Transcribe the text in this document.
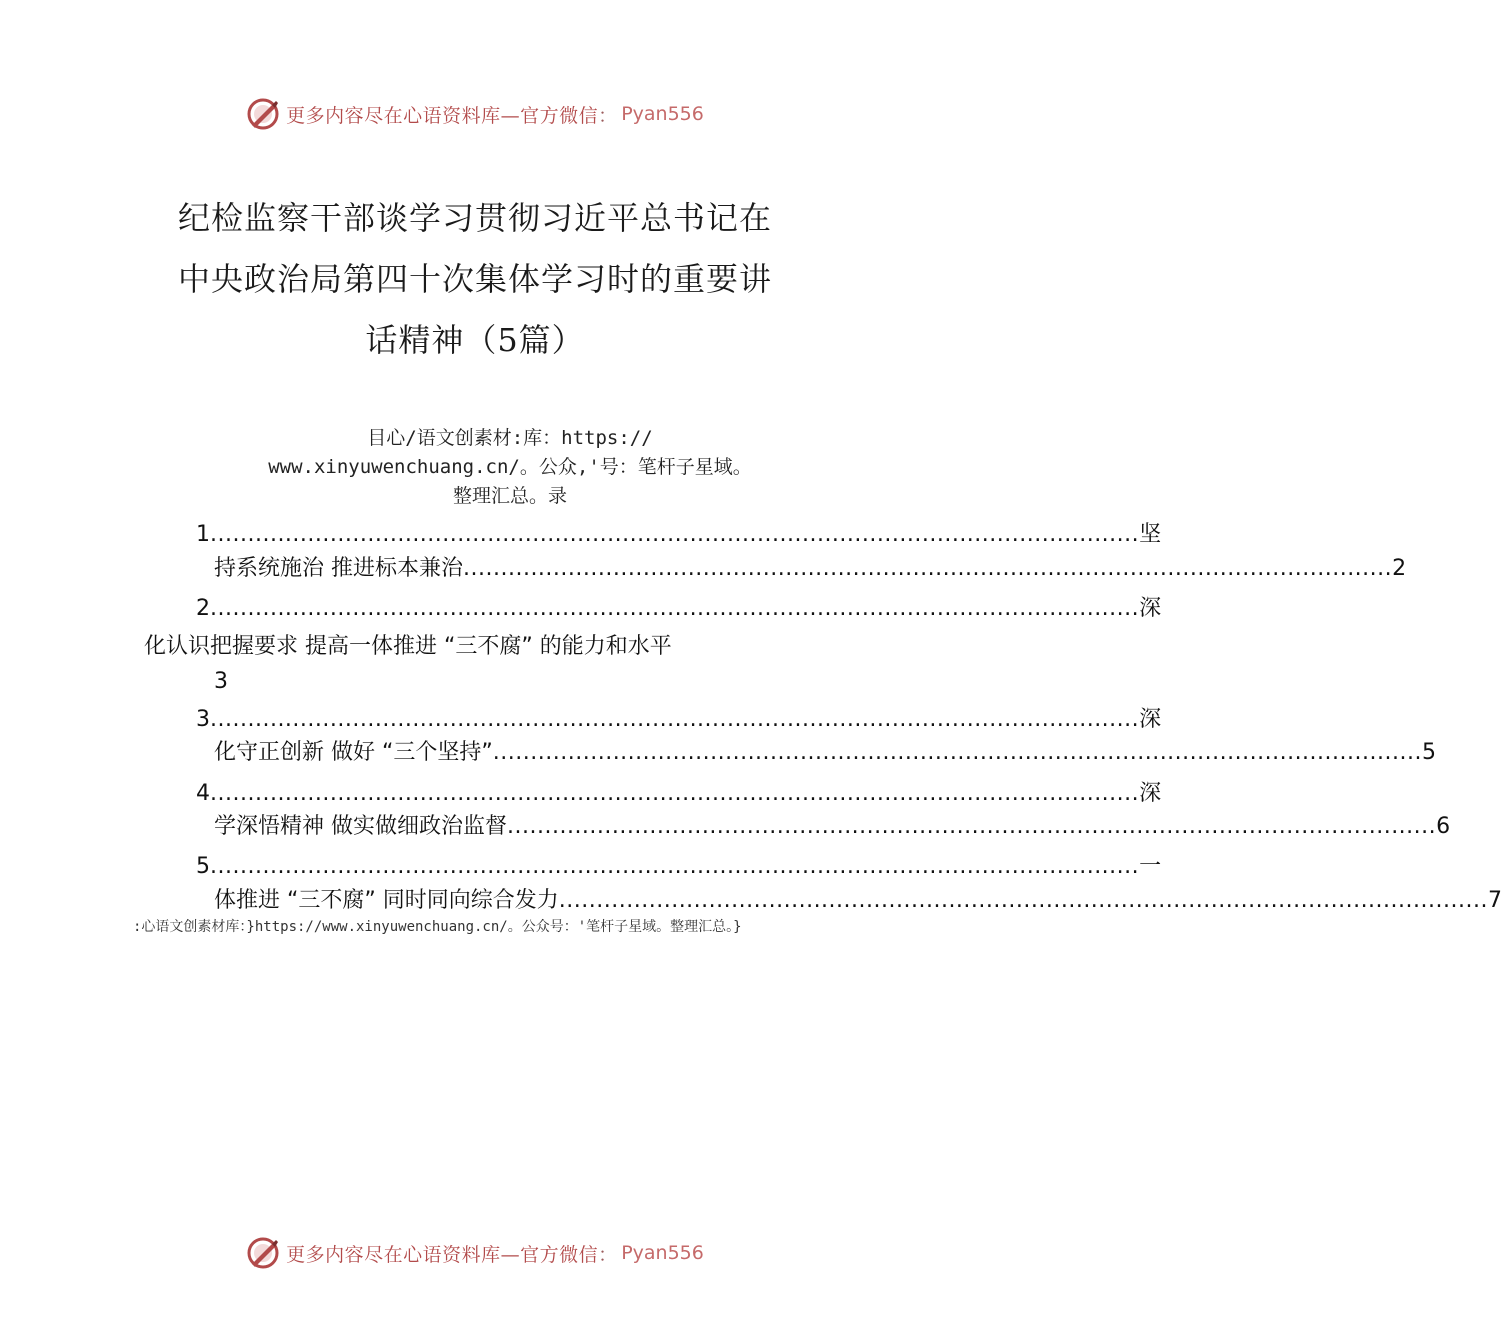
更多内容尽在心语资料库—官方微信 ： Pyan556
纪检监察干部谈学习贯彻习近平总书记在
中央政治局第四十次集体学习时的重要讲
话精神（5篇）
目心/语文创素材:库：https://
www.xinyuwenchuang.cn/。公众,'号：笔杆子星域。
整理汇总。录
1 ............................................................................................................................ 坚
持系统施治 推进标本兼治 ............................................................................................................................ 2
2 ............................................................................................................................ 深
化认识把握要求 提高一体推进 “三不腐” 的能力和水平
3
3 ............................................................................................................................ 深
化守正创新 做好 “三个坚持” ............................................................................................................................ 5
4 ............................................................................................................................ 深
学深悟精神 做实做细政治监督 ............................................................................................................................ 6
5 ............................................................................................................................ 一
体推进 “三不腐” 同时同向综合发力 ............................................................................................................................ 7
:心语文创素材库：}https://www.xinyuwenchuang.cn/。公众号：'笔杆子星域。整理汇总。}
更多内容尽在心语资料库—官方微信 ： Pyan556
